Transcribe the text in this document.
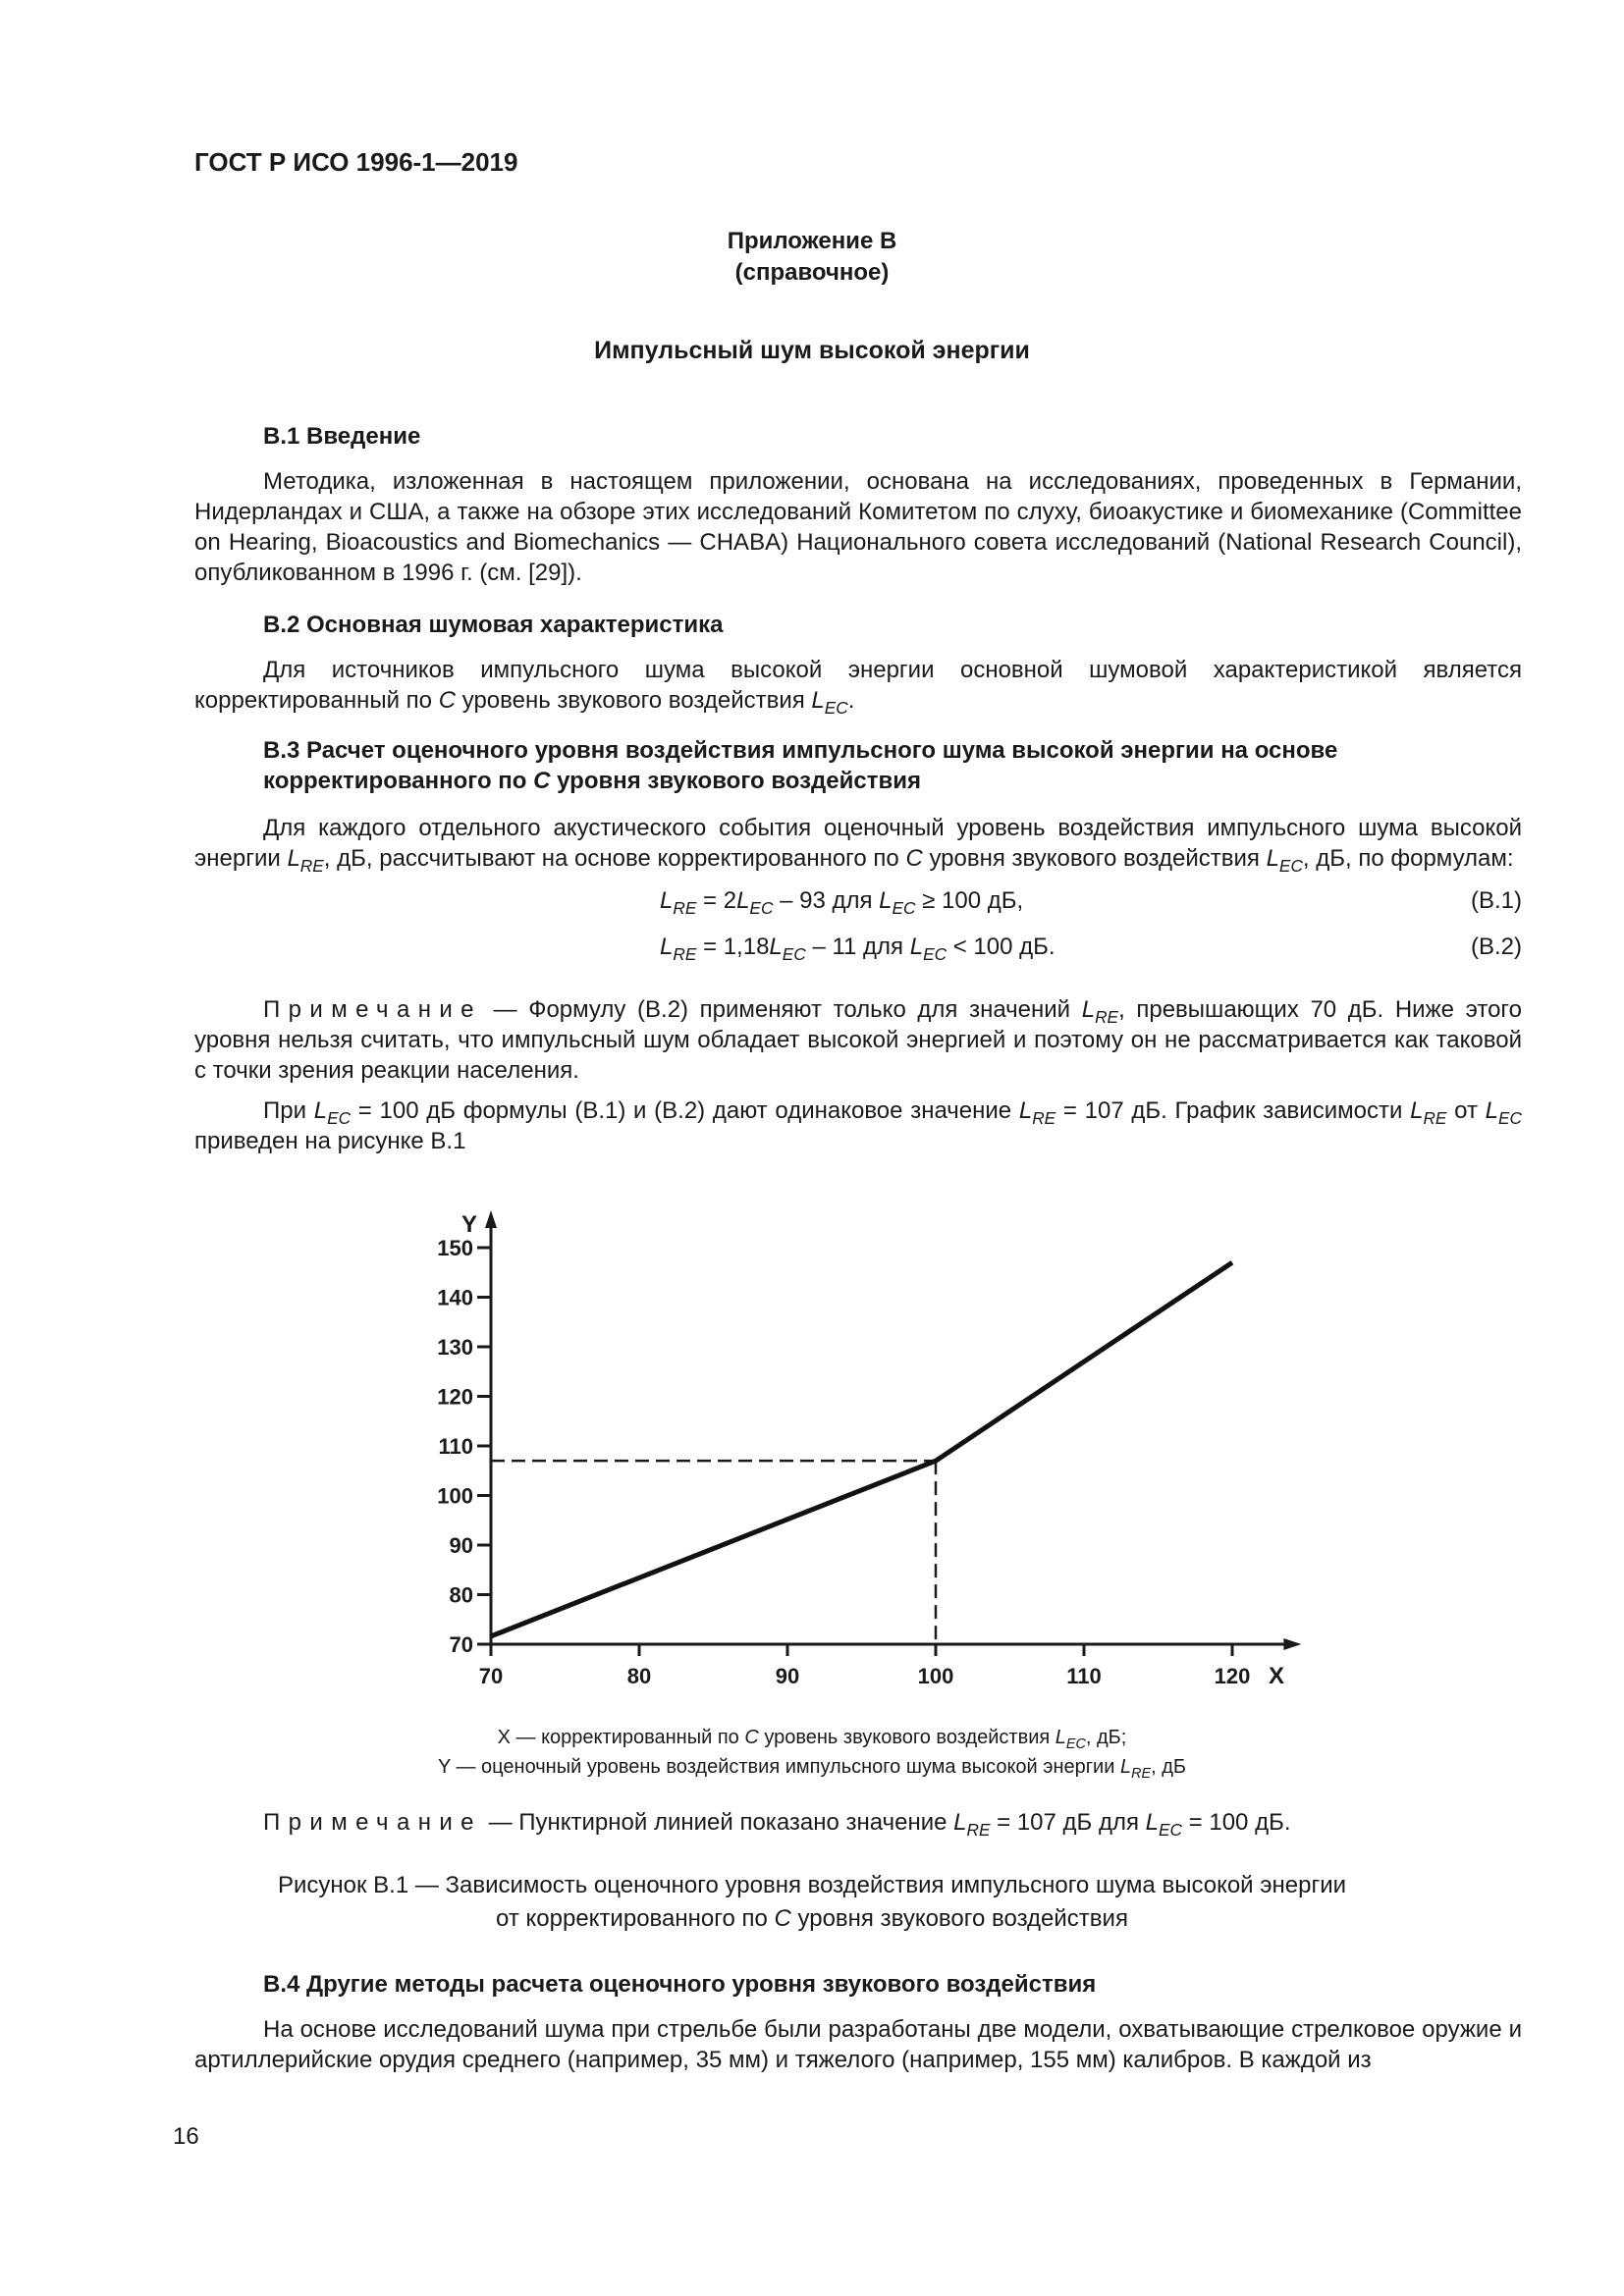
ГОСТ Р ИСО 1996-1—2019
Приложение В
(справочное)
Импульсный шум высокой энергии
В.1 Введение
Методика, изложенная в настоящем приложении, основана на исследованиях, проведенных в Германии, Нидерландах и США, а также на обзоре этих исследований Комитетом по слуху, биоакустике и биомеханике (Committee on Hearing, Bioacoustics and Biomechanics — CHABA) Национального совета исследований (National Research Council), опубликованном в 1996 г. (см. [29]).
В.2 Основная шумовая характеристика
Для источников импульсного шума высокой энергии основной шумовой характеристикой является корректированный по C уровень звукового воздействия $L_{EC}$.
В.3 Расчет оценочного уровня воздействия импульсного шума высокой энергии на основе
корректированного по С уровня звукового воздействия
Для каждого отдельного акустического события оценочный уровень воздействия импульсного шума высокой энергии $L_{RE}$, дБ, рассчитывают на основе корректированного по C уровня звукового воздействия $L_{EC}$, дБ, по формулам:
$L_{RE} = 2L_{EC} - 93$ для $L_{EC} \ge 100$ дБ,	(B.1)
$L_{RE} = 1,18L_{EC} - 11$ для $L_{EC} < 100$ дБ.	(B.2)
Примечание — Формулу (B.2) применяют только для значений $L_{RE}$, превышающих 70 дБ. Ниже этого уровня нельзя считать, что импульсный шум обладает высокой энергией и поэтому он не рассматривается как таковой с точки зрения реакции населения.
При $L_{EC} = 100$ дБ формулы (B.1) и (B.2) дают одинаковое значение $L_{RE} = 107$ дБ. График зависимости $L_{RE}$ от $L_{EC}$ приведен на рисунке В.1
70
80
90
100
110
120
130
140
150
70	80	90	100	110	120 X
Y
X — корректированный по C уровень звукового воздействия $L_{EC}$, дБ;
Y — оценочный уровень воздействия импульсного шума высокой энергии $L_{RE}$, дБ
Примечание — Пунктирной линией показано значение $L_{RE} = 107$ дБ для $L_{EC} = 100$ дБ.
Рисунок В.1 — Зависимость оценочного уровня воздействия импульсного шума высокой энергии
от корректированного по C уровня звукового воздействия
В.4 Другие методы расчета оценочного уровня звукового воздействия
На основе исследований шума при стрельбе были разработаны две модели, охватывающие стрелковое оружие и артиллерийские орудия среднего (например, 35 мм) и тяжелого (например, 155 мм) калибров. В каждой из
16
